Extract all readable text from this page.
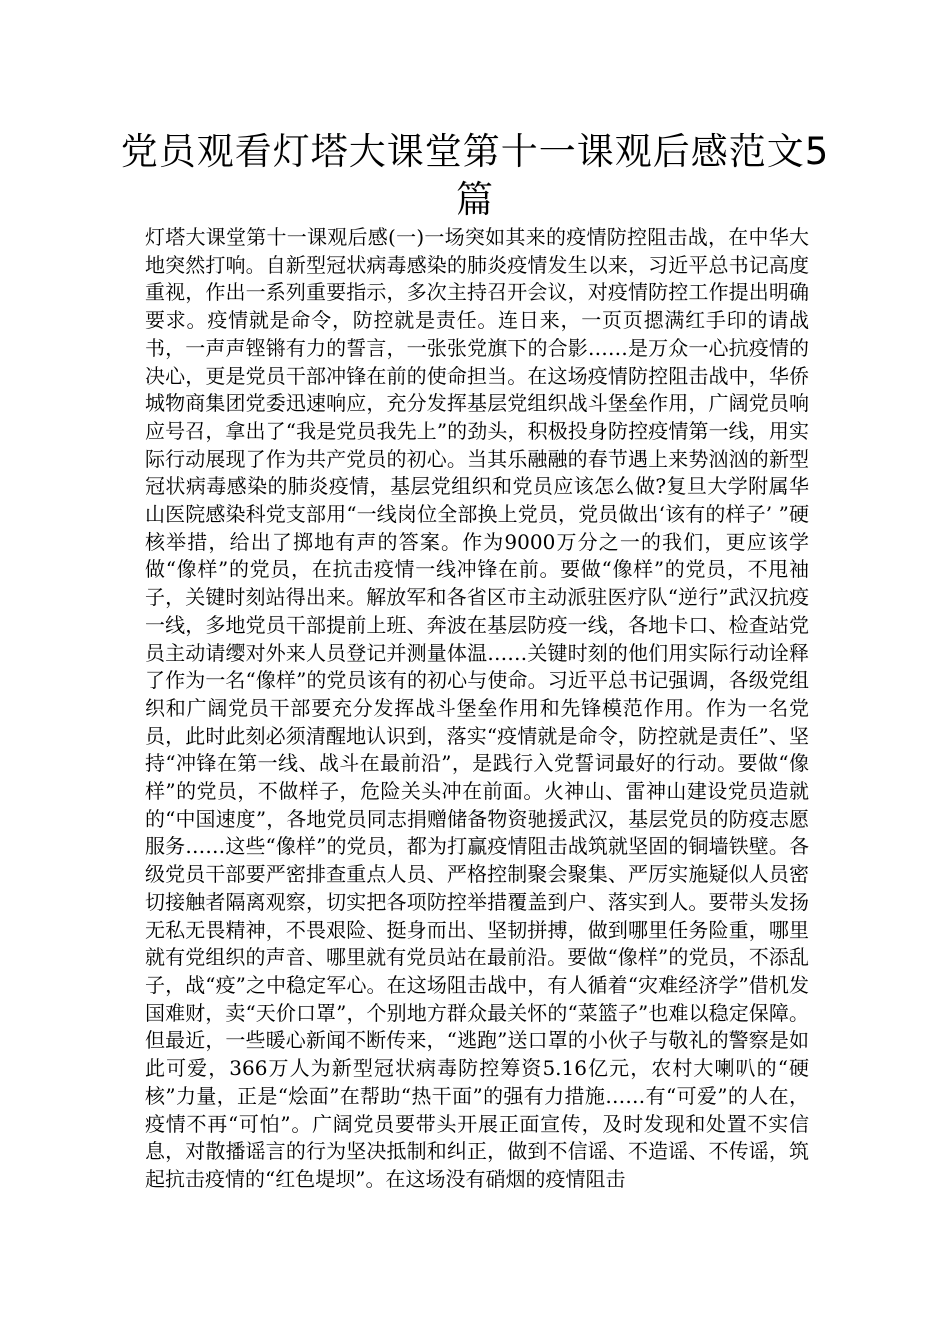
党员观看灯塔大课堂第十一课观后感范文5篇

灯塔大课堂第十一课观后感(一)一场突如其来的疫情防控阻击战，在中华大地突然打响。自新型冠状病毒感染的肺炎疫情发生以来，习近平总书记高度重视，作出一系列重要指示，多次主持召开会议，对疫情防控工作提出明确要求。疫情就是命令，防控就是责任。连日来，一页页摁满红手印的请战书，一声声铿锵有力的誓言，一张张党旗下的合影……是万众一心抗疫情的决心，更是党员干部冲锋在前的使命担当。在这场疫情防控阻击战中，华侨城物商集团党委迅速响应，充分发挥基层党组织战斗堡垒作用，广阔党员响应号召，拿出了“我是党员我先上”的劲头，积极投身防控疫情第一线，用实际行动展现了作为共产党员的初心。当其乐融融的春节遇上来势汹汹的新型冠状病毒感染的肺炎疫情，基层党组织和党员应该怎么做?复旦大学附属华山医院感染科党支部用“一线岗位全部换上党员，党员做出‘该有的样子’ ”硬核举措，给出了掷地有声的答案。作为9000万分之一的我们，更应该学做“像样”的党员，在抗击疫情一线冲锋在前。要做“像样”的党员，不甩袖子，关键时刻站得出来。解放军和各省区市主动派驻医疗队“逆行”武汉抗疫一线，多地党员干部提前上班、奔波在基层防疫一线，各地卡口、检查站党员主动请缨对外来人员登记并测量体温……关键时刻的他们用实际行动诠释了作为一名“像样”的党员该有的初心与使命。习近平总书记强调，各级党组织和广阔党员干部要充分发挥战斗堡垒作用和先锋模范作用。作为一名党员，此时此刻必须清醒地认识到，落实“疫情就是命令，防控就是责任”、坚持“冲锋在第一线、战斗在最前沿”，是践行入党誓词最好的行动。要做“像样”的党员，不做样子，危险关头冲在前面。火神山、雷神山建设党员造就的“中国速度”，各地党员同志捐赠储备物资驰援武汉，基层党员的防疫志愿服务……这些“像样”的党员，都为打赢疫情阻击战筑就坚固的铜墙铁壁。各级党员干部要严密排查重点人员、严格控制聚会聚集、严厉实施疑似人员密切接触者隔离观察，切实把各项防控举措覆盖到户、落实到人。要带头发扬无私无畏精神，不畏艰险、挺身而出、坚韧拼搏，做到哪里任务险重，哪里就有党组织的声音、哪里就有党员站在最前沿。要做“像样”的党员，不添乱子，战“疫”之中稳定军心。在这场阻击战中，有人循着“灾难经济学”借机发国难财，卖“天价口罩”，个别地方群众最关怀的“菜篮子”也难以稳定保障。但最近，一些暖心新闻不断传来，“逃跑”送口罩的小伙子与敬礼的警察是如此可爱，366万人为新型冠状病毒防控筹资5.16亿元，农村大喇叭的“硬核”力量，正是“烩面”在帮助“热干面”的强有力措施……有“可爱”的人在，疫情不再“可怕”。广阔党员要带头开展正面宣传，及时发现和处置不实信息，对散播谣言的行为坚决抵制和纠正，做到不信谣、不造谣、不传谣，筑起抗击疫情的“红色堤坝”。在这场没有硝烟的疫情阻击
